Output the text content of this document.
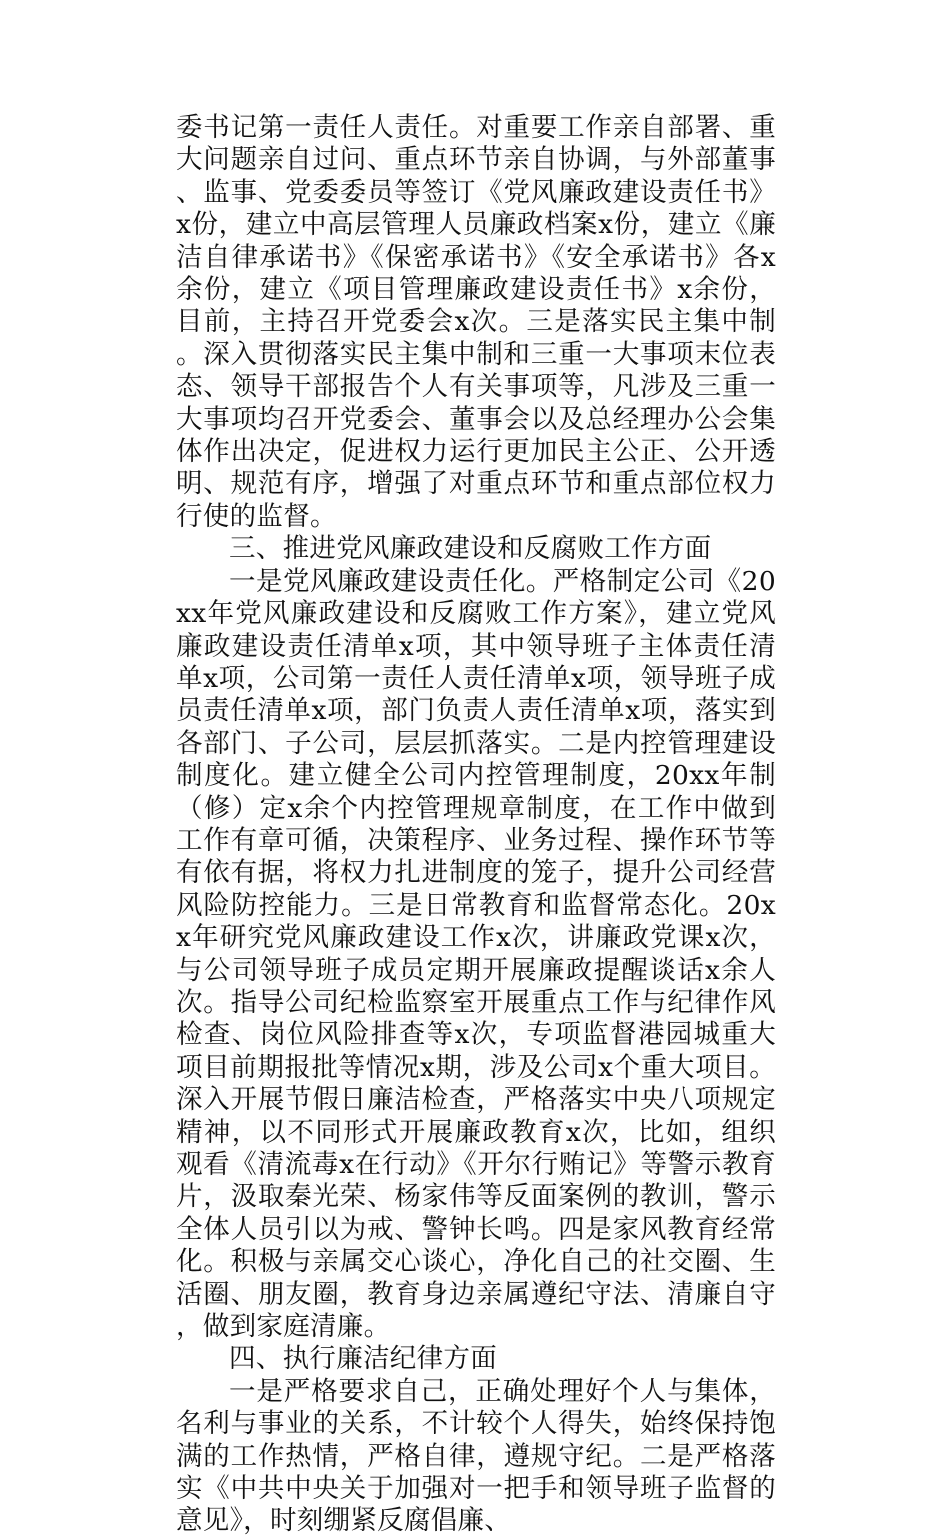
委书记第一责任人责任。对重要工作亲自部署、重大问题亲自过问、重点环节亲自协调，与外部董事、监事、党委委员等签订《党风廉政建设责任书》x份，建立中高层管理人员廉政档案x份，建立《廉洁自律承诺书》《保密承诺书》《安全承诺书》各x余份，建立《项目管理廉政建设责任书》x余份，目前，主持召开党委会x次。三是落实民主集中制。深入贯彻落实民主集中制和三重一大事项末位表态、领导干部报告个人有关事项等，凡涉及三重一大事项均召开党委会、董事会以及总经理办公会集体作出决定，促进权力运行更加民主公正、公开透明、规范有序，增强了对重点环节和重点部位权力行使的监督。

三、推进党风廉政建设和反腐败工作方面

一是党风廉政建设责任化。严格制定公司《20xx年党风廉政建设和反腐败工作方案》，建立党风廉政建设责任清单x项，其中领导班子主体责任清单x项，公司第一责任人责任清单x项，领导班子成员责任清单x项，部门负责人责任清单x项，落实到各部门、子公司，层层抓落实。二是内控管理建设制度化。建立健全公司内控管理制度，20xx年制（修）定x余个内控管理规章制度，在工作中做到工作有章可循，决策程序、业务过程、操作环节等有依有据，将权力扎进制度的笼子，提升公司经营风险防控能力。三是日常教育和监督常态化。20xx年研究党风廉政建设工作x次，讲廉政党课x次，与公司领导班子成员定期开展廉政提醒谈话x余人次。指导公司纪检监察室开展重点工作与纪律作风检查、岗位风险排查等x次，专项监督港园城重大项目前期报批等情况x期，涉及公司x个重大项目。深入开展节假日廉洁检查，严格落实中央八项规定精神，以不同形式开展廉政教育x次，比如，组织观看《清流毒x在行动》《开尔行贿记》等警示教育片，汲取秦光荣、杨家伟等反面案例的教训，警示全体人员引以为戒、警钟长鸣。四是家风教育经常化。积极与亲属交心谈心，净化自己的社交圈、生活圈、朋友圈，教育身边亲属遵纪守法、清廉自守，做到家庭清廉。

四、执行廉洁纪律方面

一是严格要求自己，正确处理好个人与集体，名利与事业的关系，不计较个人得失，始终保持饱满的工作热情，严格自律，遵规守纪。二是严格落实《中共中央关于加强对一把手和领导班子监督的意见》，时刻绷紧反腐倡廉、
